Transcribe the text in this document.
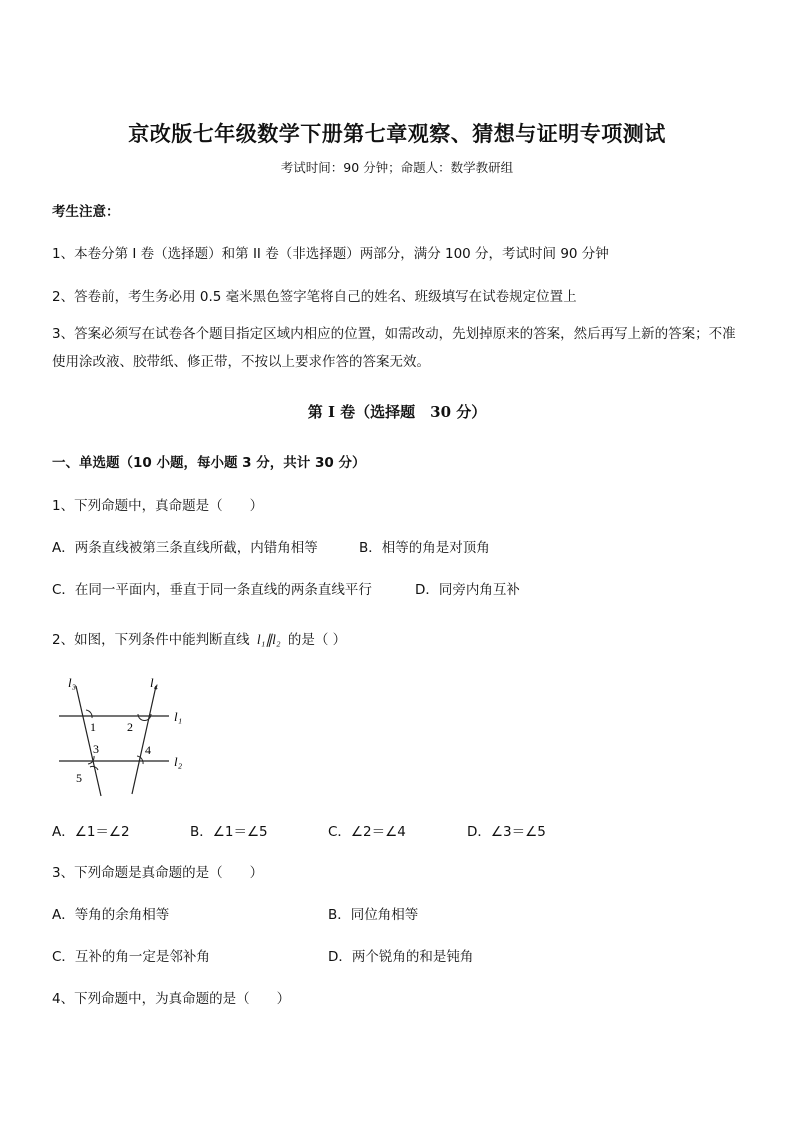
京改版七年级数学下册第七章观察、猜想与证明专项测试
考试时间：90 分钟；命题人：数学教研组
考生注意：
1、本卷分第 I 卷（选择题）和第 II 卷（非选择题）两部分，满分 100 分，考试时间 90 分钟
2、答卷前，考生务必用 0.5 毫米黑色签字笔将自己的姓名、班级填写在试卷规定位置上
3、答案必须写在试卷各个题目指定区域内相应的位置，如需改动，先划掉原来的答案，然后再写上新的答案；不准使用涂改液、胶带纸、修正带，不按以上要求作答的答案无效。
第 I 卷（选择题　30 分）
一、单选题（10 小题，每小题 3 分，共计 30 分）
1、下列命题中，真命题是（　　）
A．两条直线被第三条直线所截，内错角相等	B．相等的角是对顶角
C．在同一平面内，垂直于同一条直线的两条直线平行	D．同旁内角互补
2、如图，下列条件中能判断直线 l₁∥l₂ 的是（ ）
l₃	l₄
l₁
l₂
1	2
3	4
5
A．∠1＝∠2	B．∠1＝∠5	C．∠2＝∠4	D．∠3＝∠5
3、下列命题是真命题的是（　　）
A．等角的余角相等	B．同位角相等
C．互补的角一定是邻补角	D．两个锐角的和是钝角
4、下列命题中，为真命题的是（　　）
